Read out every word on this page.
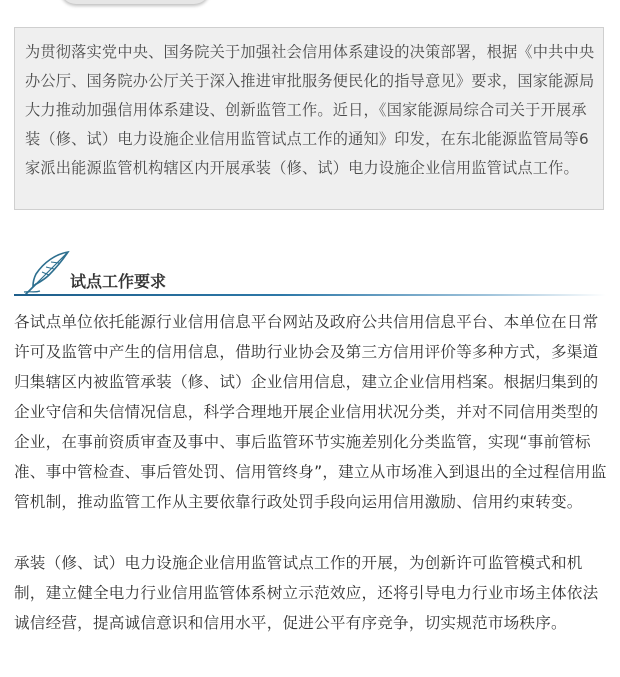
为贯彻落实党中央、国务院关于加强社会信用体系建设的决策部署，根据《中共中央办公厅、国务院办公厅关于深入推进审批服务便民化的指导意见》要求，国家能源局大力推动加强信用体系建设、创新监管工作。近日，《国家能源局综合司关于开展承装（修、试）电力设施企业信用监管试点工作的通知》印发，在东北能源监管局等6家派出能源监管机构辖区内开展承装（修、试）电力设施企业信用监管试点工作。

试点工作要求

各试点单位依托能源行业信用信息平台网站及政府公共信用信息平台、本单位在日常许可及监管中产生的信用信息，借助行业协会及第三方信用评价等多种方式，多渠道归集辖区内被监管承装（修、试）企业信用信息，建立企业信用档案。根据归集到的企业守信和失信情况信息，科学合理地开展企业信用状况分类，并对不同信用类型的企业，在事前资质审查及事中、事后监管环节实施差别化分类监管，实现“事前管标准、事中管检查、事后管处罚、信用管终身”，建立从市场准入到退出的全过程信用监管机制，推动监管工作从主要依靠行政处罚手段向运用信用激励、信用约束转变。

承装（修、试）电力设施企业信用监管试点工作的开展，为创新许可监管模式和机制，建立健全电力行业信用监管体系树立示范效应，还将引导电力行业市场主体依法诚信经营，提高诚信意识和信用水平，促进公平有序竞争，切实规范市场秩序。
